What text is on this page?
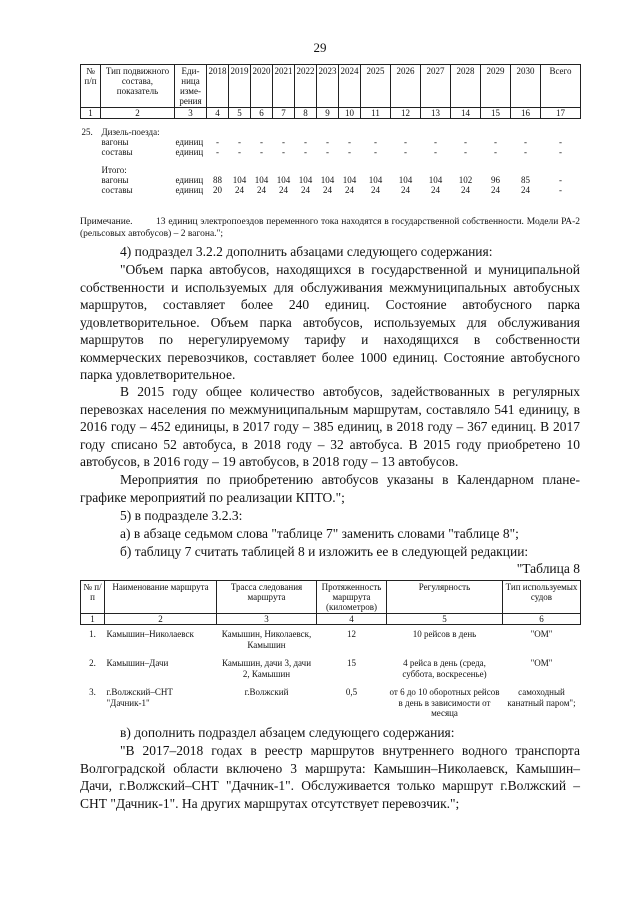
29
№ п/п	Тип подвижного состава, показатель	Еди-ница изме-рения	2018	2019	2020	2021	2022	2023	2024	2025	2026	2027	2028	2029	2030	Всего
1	2	3	4	5	6	7	8	9	10	11	12	13	14	15	16	17

25.	Дизель-поезда:															
	вагоны	единиц	-	-	-	-	-	-	-	-	-	-	-	-	-	-
	составы	единиц	-	-	-	-	-	-	-	-	-	-	-	-	-	-

	Итого:															
	вагоны	единиц	88	104	104	104	104	104	104	104	104	104	102	96	85	-
	составы	единиц	20	24	24	24	24	24	24	24	24	24	24	24	24	-
Примечание. 13 единиц электропоездов переменного тока находятся в государственной собственности. Модели РА-2 (рельсовых автобусов) – 2 вагона.";

4) подраздел 3.2.2 дополнить абзацами следующего содержания:

"Объем парка автобусов, находящихся в государственной и муниципальной собственности и используемых для обслуживания межмуниципальных автобусных маршрутов, составляет более 240 единиц. Состояние автобусного парка удовлетворительное. Объем парка автобусов, используемых для обслуживания маршрутов по нерегулируемому тарифу и находящихся в собственности коммерческих перевозчиков, составляет более 1000 единиц. Состояние автобусного парка удовлетворительное.

В 2015 году общее количество автобусов, задействованных в регулярных перевозках населения по межмуниципальным маршрутам, составляло 541 единицу, в 2016 году – 452 единицы, в 2017 году – 385 единиц, в 2018 году – 367 единиц. В 2017 году списано 52 автобуса, в 2018 году – 32 автобуса. В 2015 году приобретено 10 автобусов, в 2016 году – 19 автобусов, в 2018 году – 13 автобусов.

Мероприятия по приобретению автобусов указаны в Календарном плане-графике мероприятий по реализации КПТО.";

5) в подразделе 3.2.3:

а) в абзаце седьмом слова "таблице 7" заменить словами "таблице 8";

б) таблицу 7 считать таблицей 8 и изложить ее в следующей редакции:

"Таблица 8

№ п/п	Наименование маршрута	Трасса следования маршрута	Протяженность маршрута (километров)	Регулярность	Тип используемых судов
1	2	3	4	5	6
1.	Камышин–Николаевск	Камышин, Николаевск, Камышин	12	10 рейсов в день	"ОМ"
2.	Камышин–Дачи	Камышин, дачи 3, дачи 2, Камышин	15	4 рейса в день (среда, суббота, воскресенье)	"ОМ"
3.	г.Волжский–СНТ "Дачник-1"	г.Волжский	0,5	от 6 до 10 оборотных рейсов в день в зависимости от месяца	самоходный канатный паром";

в) дополнить подраздел абзацем следующего содержания:

"В 2017–2018 годах в реестр маршрутов внутреннего водного транспорта Волгоградской области включено 3 маршрута: Камышин–Николаевск, Камышин–Дачи, г.Волжский–СНТ "Дачник-1". Обслуживается только маршрут г.Волжский – СНТ "Дачник-1". На других маршрутах отсутствует перевозчик.";
